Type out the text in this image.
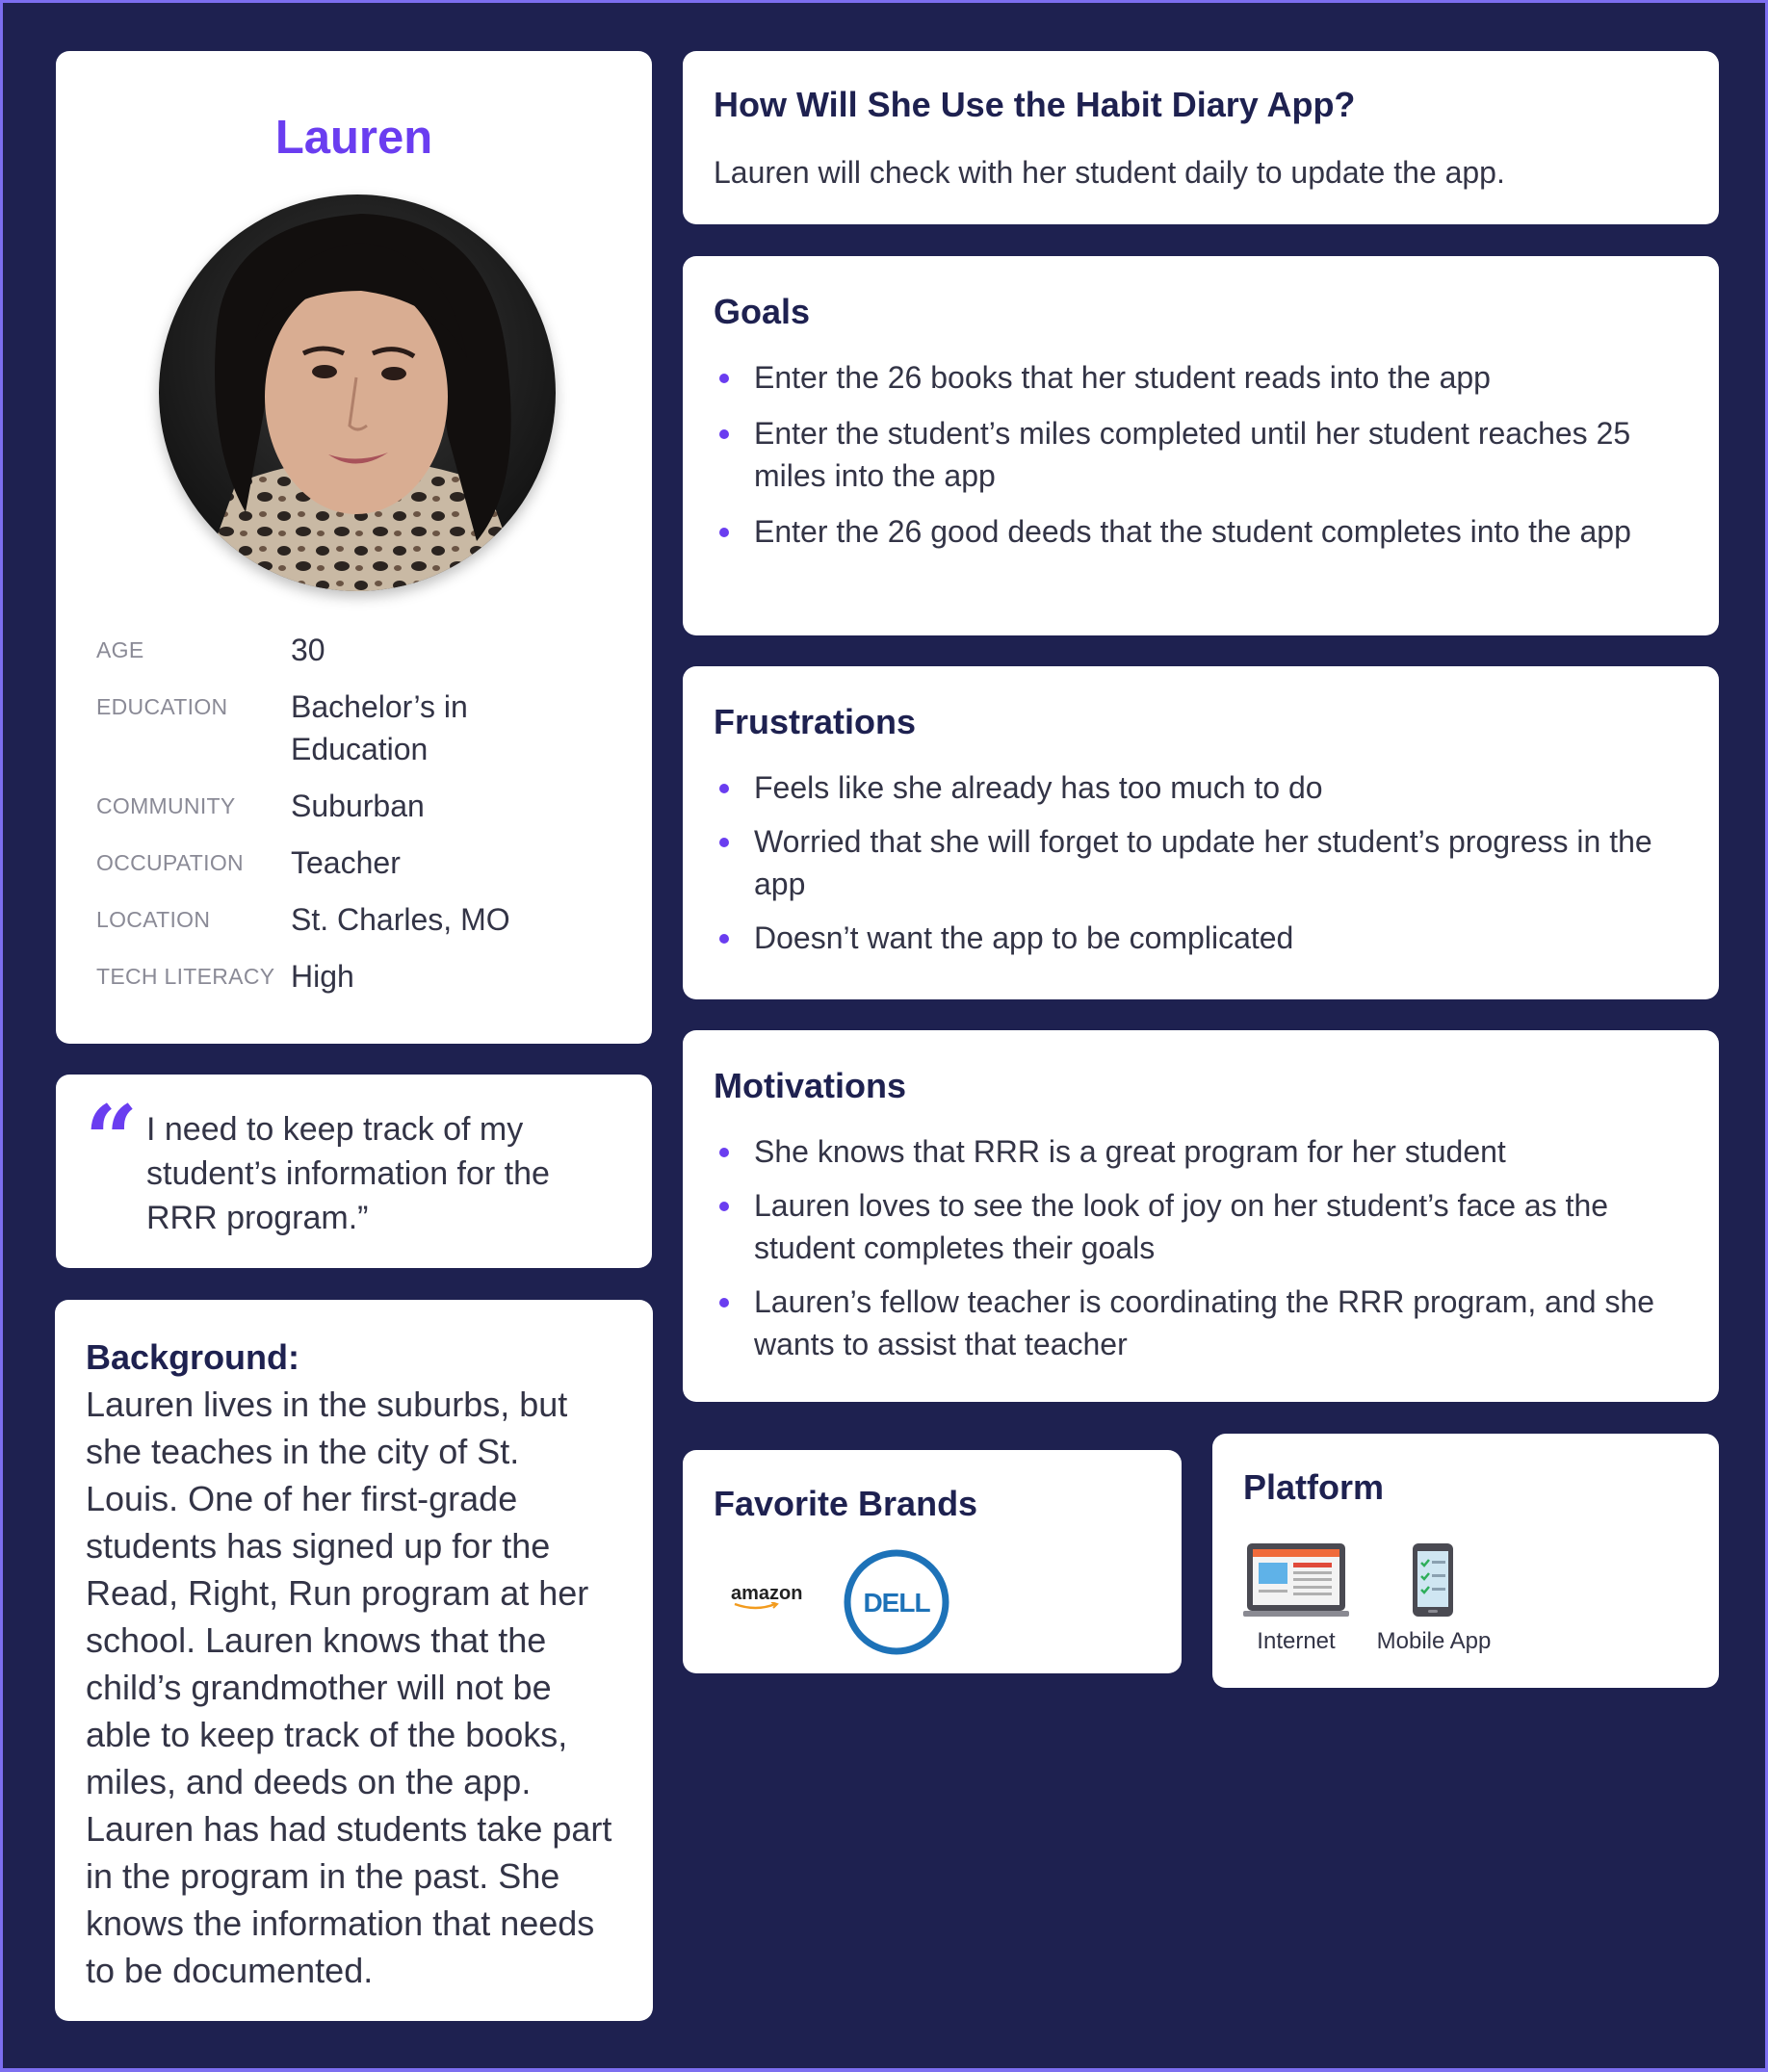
Lauren
AGE	30
EDUCATION	Bachelor’s in Education
COMMUNITY	Suburban
OCCUPATION	Teacher
LOCATION	St. Charles, MO
TECH LITERACY High
“ I need to keep track of my student’s information for the RRR program.”
Background:
Lauren lives in the suburbs, but she teaches in the city of St. Louis. One of her first-grade students has signed up for the Read, Right, Run program at her school. Lauren knows that the child’s grandmother will not be able to keep track of the books, miles, and deeds on the app. Lauren has had students take part in the program in the past. She knows the information that needs to be documented.
How Will She Use the Habit Diary App?
Lauren will check with her student daily to update the app.
Goals
Enter the 26 books that her student reads into the app
Enter the student’s miles completed until her student reaches 25 miles into the app
Enter the 26 good deeds that the student completes into the app
Frustrations
Feels like she already has too much to do
Worried that she will forget to update her student’s progress in the app
Doesn’t want the app to be complicated
Motivations
She knows that RRR is a great program for her student
Lauren loves to see the look of joy on her student’s face as the student completes their goals
Lauren’s fellow teacher is coordinating the RRR program, and she wants to assist that teacher
Favorite Brands
amazon DELL
Platform
Internet	Mobile App
